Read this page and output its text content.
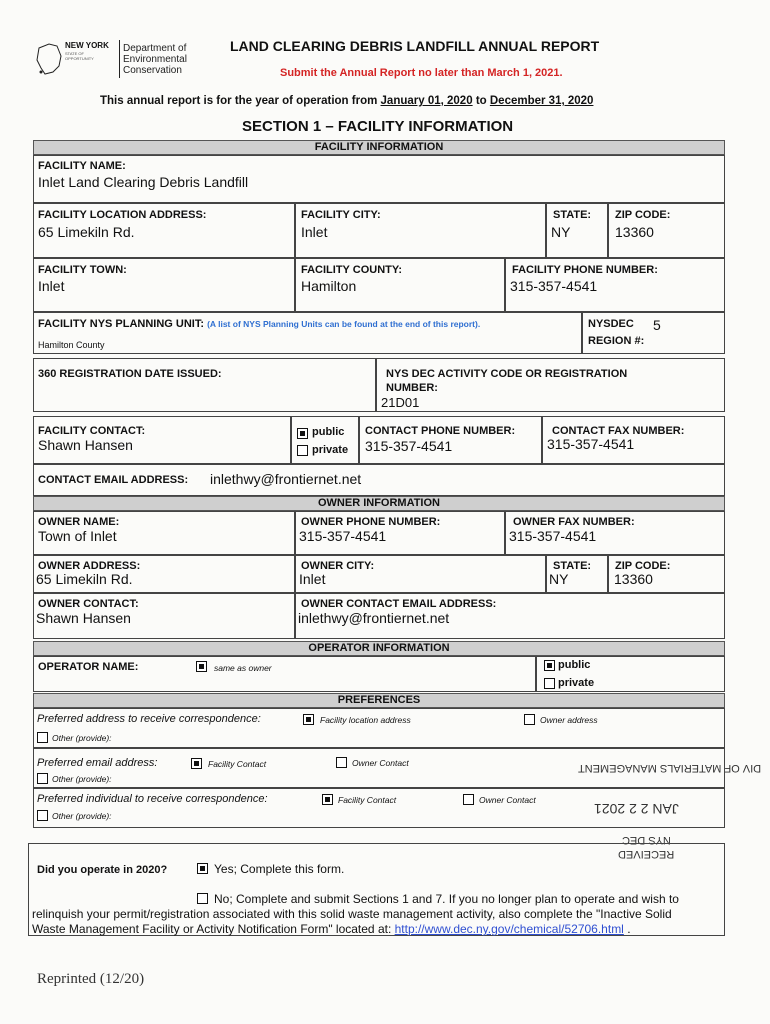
NEW YORK
STATE OF OPPORTUNITY
Department of
Environmental
Conservation
LAND CLEARING DEBRIS LANDFILL ANNUAL REPORT
Submit the Annual Report no later than March 1, 2021.
This annual report is for the year of operation from January 01, 2020 to December 31, 2020
SECTION 1 – FACILITY INFORMATION
FACILITY INFORMATION
FACILITY NAME:
Inlet Land Clearing Debris Landfill
FACILITY LOCATION ADDRESS:
65 Limekiln Rd.
FACILITY CITY:
Inlet
STATE:
NY
ZIP CODE:
13360
FACILITY TOWN:
Inlet
FACILITY COUNTY:
Hamilton
FACILITY PHONE NUMBER:
315-357-4541
FACILITY NYS PLANNING UNIT: (A list of NYS Planning Units can be found at the end of this report).
Hamilton County
NYSDEC
REGION #:
5
360 REGISTRATION DATE ISSUED:	NYS DEC ACTIVITY CODE OR REGISTRATION
NUMBER:
21D01
FACILITY CONTACT:
Shawn Hansen
public
private
CONTACT PHONE NUMBER:
315-357-4541
CONTACT FAX NUMBER:
315-357-4541
CONTACT EMAIL ADDRESS: inlethwy@frontiernet.net
OWNER INFORMATION
OWNER NAME:
Town of Inlet
OWNER PHONE NUMBER:
315-357-4541
OWNER FAX NUMBER:
315-357-4541
OWNER ADDRESS:
65 Limekiln Rd.
OWNER CITY:
Inlet
STATE:
NY
ZIP CODE:
13360
OWNER CONTACT:
Shawn Hansen
OWNER CONTACT EMAIL ADDRESS:
inlethwy@frontiernet.net
OPERATOR INFORMATION
OPERATOR NAME:	same as owner	public
private
PREFERENCES
Preferred address to receive correspondence:	Facility location address	Owner address
Other (provide):
Preferred email address:	Facility Contact	Owner Contact
Other (provide):
Preferred individual to receive correspondence:	Facility Contact	Owner Contact
Other (provide):
DIV OF MATERIALS MANAGEMENT
JAN 2 2 2021
NYS DEC
RECEIVED
Did you operate in 2020?	Yes; Complete this form.
No; Complete and submit Sections 1 and 7. If you no longer plan to operate and wish to
relinquish your permit/registration associated with this solid waste management activity, also complete the "Inactive Solid
Waste Management Facility or Activity Notification Form" located at: http://www.dec.ny.gov/chemical/52706.html .
Reprinted (12/20)
